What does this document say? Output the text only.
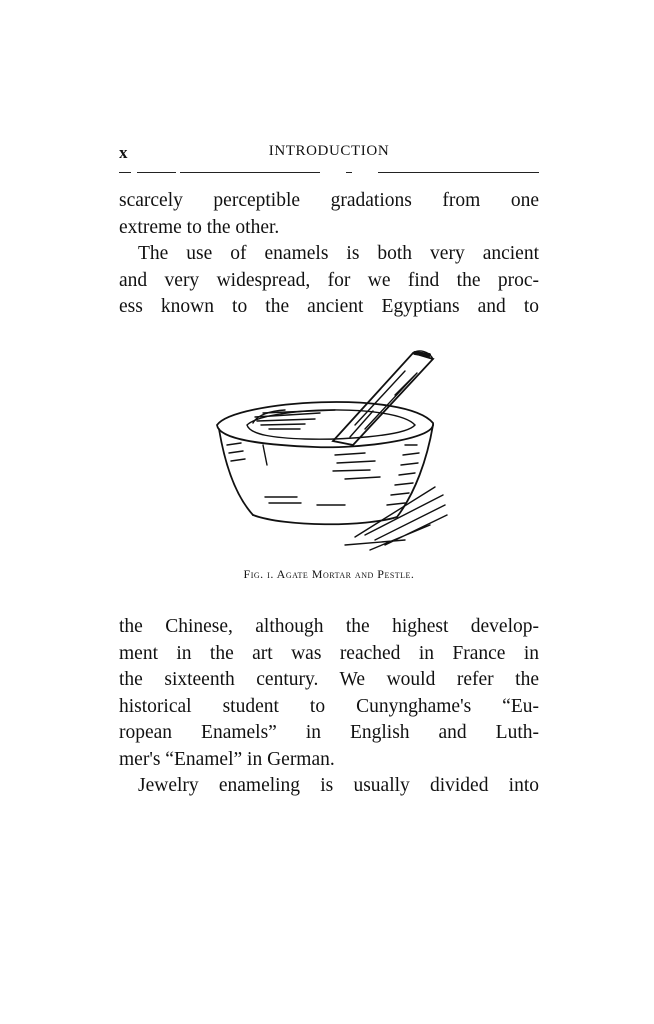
x	INTRODUCTION
scarcely perceptible gradations from one
extreme to the other.
The use of enamels is both very ancient
and very widespread, for we find the proc-
ess known to the ancient Egyptians and to
Fig. i. Agate Mortar and Pestle.
the Chinese, although the highest develop-
ment in the art was reached in France in
the sixteenth century. We would refer the
historical student to Cunynghame's “Eu-
ropean Enamels” in English and Luth-
mer's “Enamel” in German.
Jewelry enameling is usually divided into
